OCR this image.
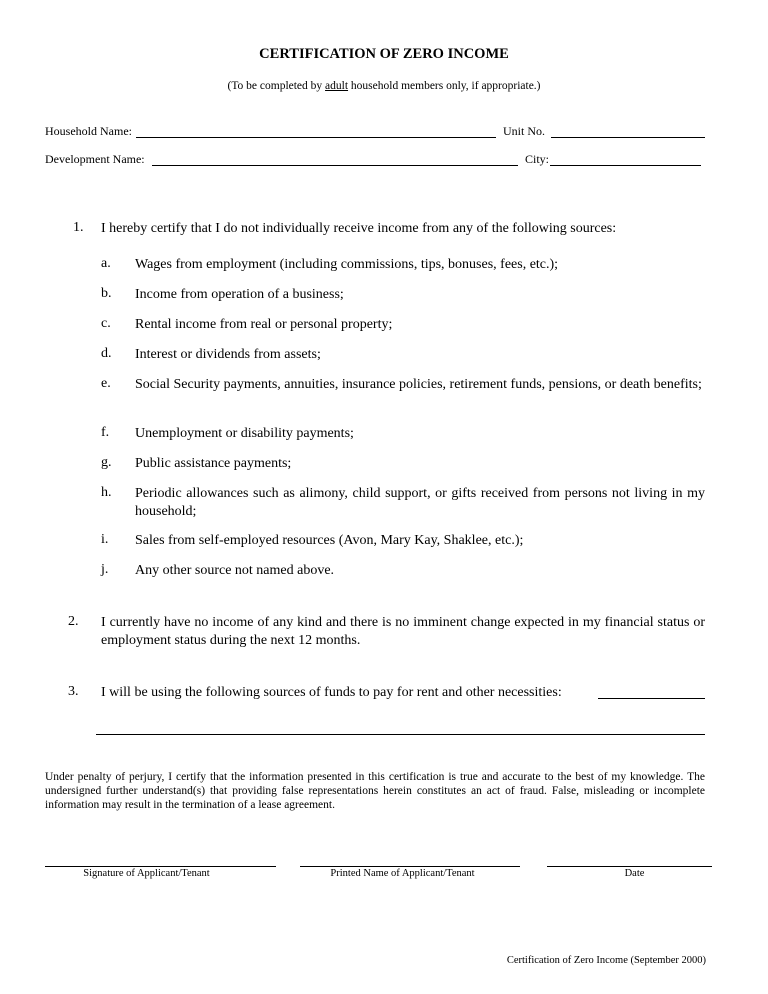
CERTIFICATION OF ZERO INCOME
(To be completed by adult household members only, if appropriate.)
Household Name:	Unit No.
Development Name:	City:
1. I hereby certify that I do not individually receive income from any of the following sources:
a. Wages from employment (including commissions, tips, bonuses, fees, etc.);
b. Income from operation of a business;
c. Rental income from real or personal property;
d. Interest or dividends from assets;
e. Social Security payments, annuities, insurance policies, retirement funds, pensions, or death benefits;
f. Unemployment or disability payments;
g. Public assistance payments;
h. Periodic allowances such as alimony, child support, or gifts received from persons not living in my household;
i. Sales from self-employed resources (Avon, Mary Kay, Shaklee, etc.);
j. Any other source not named above.
2. I currently have no income of any kind and there is no imminent change expected in my financial status or employment status during the next 12 months.
3. I will be using the following sources of funds to pay for rent and other necessities:
Under penalty of perjury, I certify that the information presented in this certification is true and accurate to the best of my knowledge. The undersigned further understand(s) that providing false representations herein constitutes an act of fraud. False, misleading or incomplete information may result in the termination of a lease agreement.
Signature of Applicant/Tenant	Printed Name of Applicant/Tenant	Date
Certification of Zero Income (September 2000)
